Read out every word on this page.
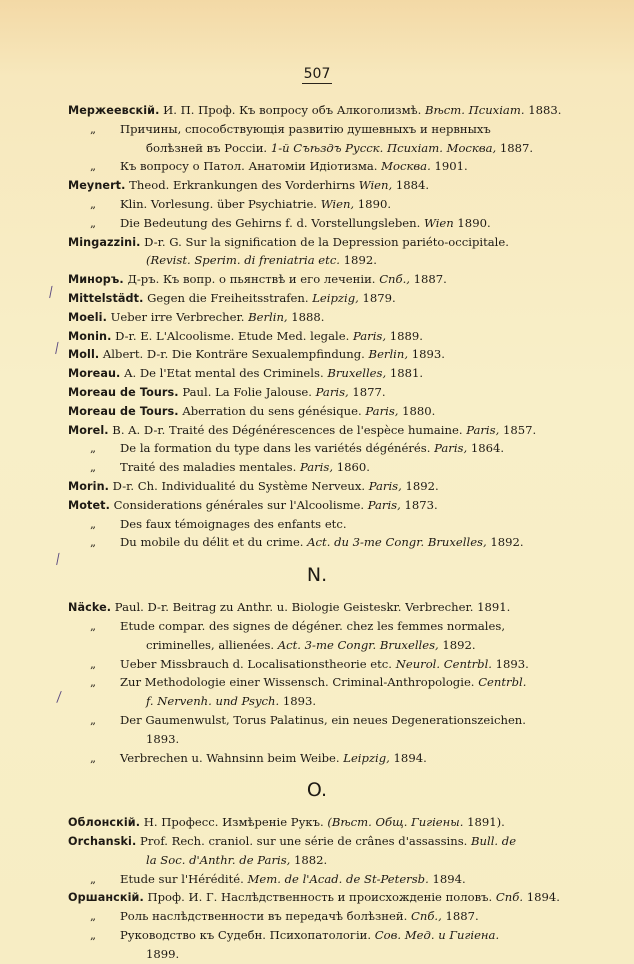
507
⁄
⁄
⁄
⁄
Мержеевскій. И. П. Проф. Къ вопросу объ Алкоголизмѣ. Вѣст. Психіат. 1883.
„ Причины, способствующія развитію душевныхъ и нервныхъ
болѣзней въ Россіи. 1-й Съѣздъ Русск. Психіат. Москва, 1887.
„ Къ вопросу о Патол. Анатоміи Идіотизма. Москва. 1901.
Meynert. Theod. Erkrankungen des Vorderhirns Wien, 1884.
„ Klin. Vorlesung. über Psychiatrie. Wien, 1890.
„ Die Bedeutung des Gehirns f. d. Vorstellungsleben. Wien 1890.
Mingazzini. D-r. G. Sur la signification de la Depression pariéto-occipitale.
(Revist. Sperim. di freniatria etc. 1892.
Миноръ. Д-ръ. Къ вопр. о пьянствѣ и его леченіи. Спб., 1887.
Mittelstädt. Gegen die Freiheitsstrafen. Leipzig, 1879.
Moeli. Ueber irre Verbrecher. Berlin, 1888.
Monin. D-r. E. L'Alcoolisme. Etude Med. legale. Paris, 1889.
Moll. Albert. D-r. Die Konträre Sexualempfindung. Berlin, 1893.
Moreau. A. De l'Etat mental des Criminels. Bruxelles, 1881.
Moreau de Tours. Paul. La Folie Jalouse. Paris, 1877.
Moreau de Tours. Aberration du sens génésique. Paris, 1880.
Morel. B. A. D-r. Traité des Dégénérescences de l'espèce humaine. Paris, 1857.
„ De la formation du type dans les variétés dégénérés. Paris, 1864.
„ Traité des maladies mentales. Paris, 1860.
Morin. D-r. Ch. Individualité du Système Nerveux. Paris, 1892.
Motet. Considerations générales sur l'Alcoolisme. Paris, 1873.
„ Des faux témoignages des enfants etc.
„ Du mobile du délit et du crime. Act. du 3-me Congr. Bruxelles, 1892.
N.
Näcke. Paul. D-r. Beitrag zu Anthr. u. Biologie Geisteskr. Verbrecher. 1891.
„ Etude compar. des signes de dégéner. chez les femmes normales,
criminelles, allienées. Act. 3-me Congr. Bruxelles, 1892.
„ Ueber Missbrauch d. Localisationstheorie etc. Neurol. Centrbl. 1893.
„ Zur Methodologie einer Wissensch. Criminal-Anthropologie. Centrbl.
f. Nervenh. und Psych. 1893.
„ Der Gaumenwulst, Torus Palatinus, ein neues Degenerationszeichen.
1893.
„ Verbrechen u. Wahnsinn beim Weibe. Leipzig, 1894.
O.
Облонскій. Н. Професс. Измѣреніе Рукъ. (Вѣст. Общ. Гигіены. 1891).
Orchanski. Prof. Rech. craniol. sur une série de crânes d'assassins. Bull. de
la Soc. d'Anthr. de Paris, 1882.
„ Etude sur l'Hérédité. Mem. de l'Acad. de St-Petersb. 1894.
Оршанскій. Проф. И. Г. Наслѣдственность и происхожденіе половъ. Спб. 1894.
„ Роль наслѣдственности въ передачѣ болѣзней. Спб., 1887.
„ Руководство къ Судебн. Психопатологіи. Сов. Мед. и Гигіена.
1899.
